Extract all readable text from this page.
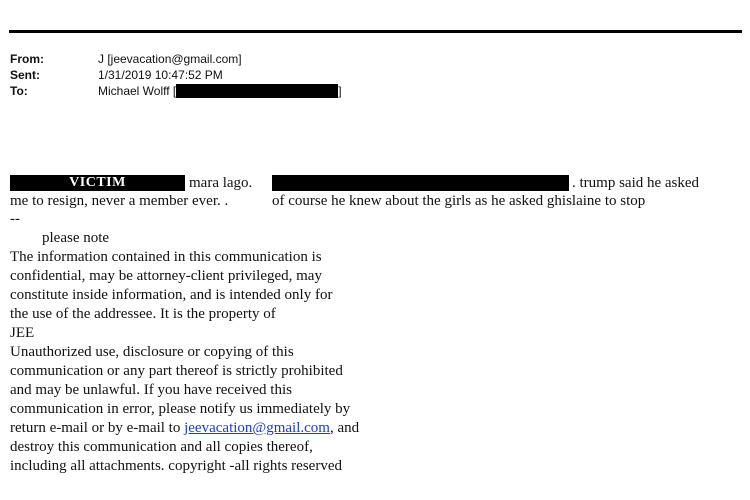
From:	J [jeevacation@gmail.com]
Sent:	1/31/2019 10:47:52 PM
To:	Michael Wolff [	]
VICTIM	mara lago.	. trump said he asked
me to resign, never a member ever. .	of course he knew about the girls as he asked ghislaine to stop
--
please note
The information contained in this communication is
confidential, may be attorney-client privileged, may
constitute inside information, and is intended only for
the use of the addressee. It is the property of
JEE
Unauthorized use, disclosure or copying of this
communication or any part thereof is strictly prohibited
and may be unlawful. If you have received this
communication in error, please notify us immediately by
return e-mail or by e-mail to jeevacation@gmail.com, and
destroy this communication and all copies thereof,
including all attachments. copyright -all rights reserved
